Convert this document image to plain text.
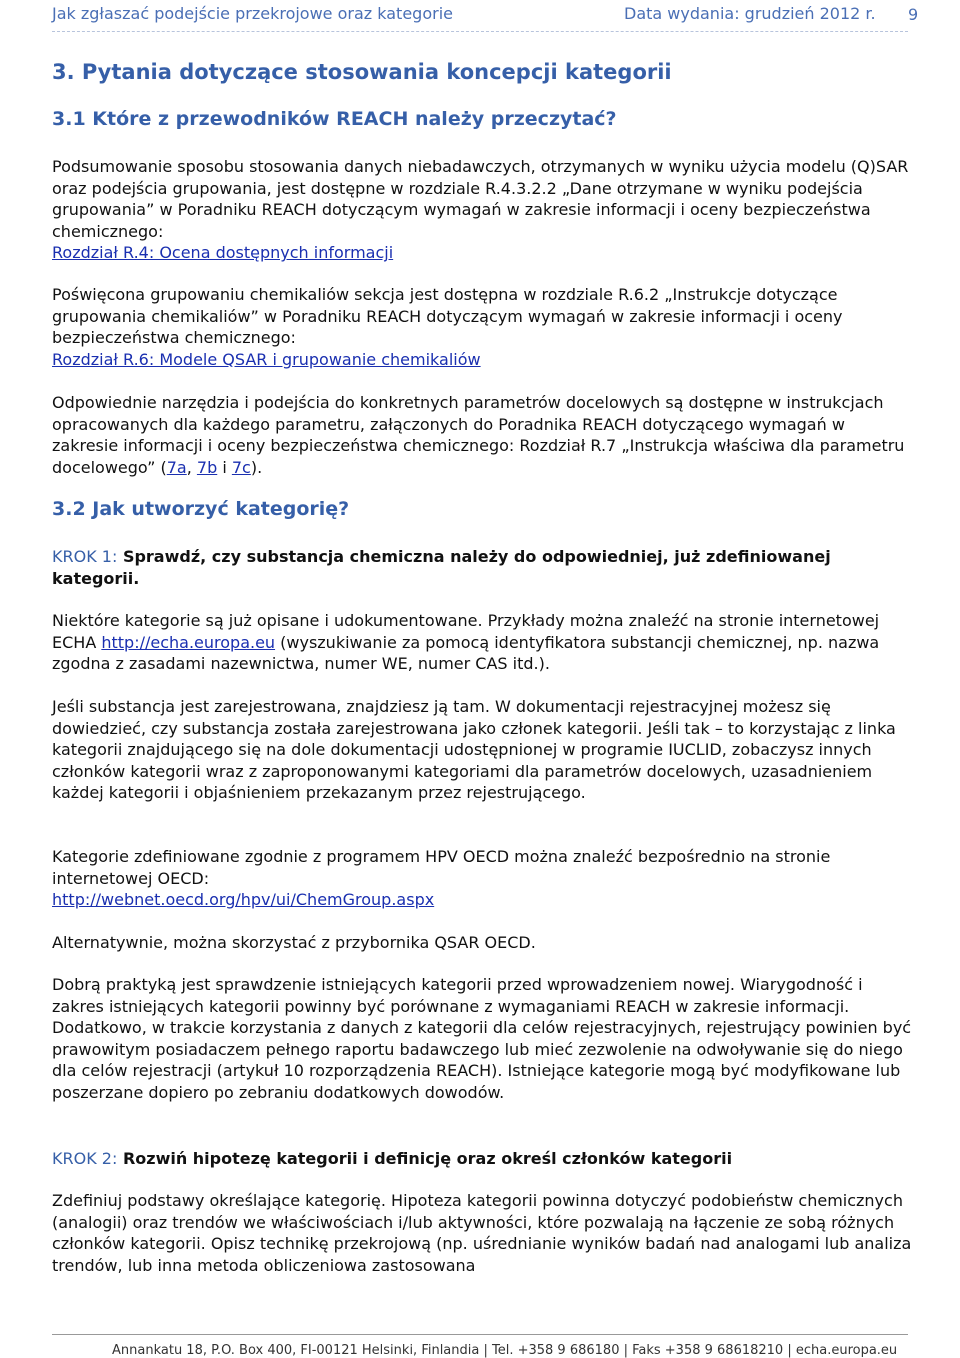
Jak zgłaszać podejście przekrojowe oraz kategorie	Data wydania: grudzień 2012 r. 9
3. Pytania dotyczące stosowania koncepcji kategorii
3.1 Które z przewodników REACH należy przeczytać?
Podsumowanie sposobu stosowania danych niebadawczych, otrzymanych w wyniku użycia modelu (Q)SAR oraz podejścia grupowania, jest dostępne w rozdziale R.4.3.2.2 „Dane otrzymane w wyniku podejścia grupowania” w Poradniku REACH dotyczącym wymagań w zakresie informacji i oceny bezpieczeństwa chemicznego:
Rozdział R.4: Ocena dostępnych informacji
Poświęcona grupowaniu chemikaliów sekcja jest dostępna w rozdziale R.6.2 „Instrukcje dotyczące grupowania chemikaliów” w Poradniku REACH dotyczącym wymagań w zakresie informacji i oceny bezpieczeństwa chemicznego:
Rozdział R.6: Modele QSAR i grupowanie chemikaliów
Odpowiednie narzędzia i podejścia do konkretnych parametrów docelowych są dostępne w instrukcjach opracowanych dla każdego parametru, załączonych do Poradnika REACH dotyczącego wymagań w zakresie informacji i oceny bezpieczeństwa chemicznego: Rozdział R.7 „Instrukcja właściwa dla parametru docelowego” (7a, 7b i 7c).
3.2 Jak utworzyć kategorię?
KROK 1: Sprawdź, czy substancja chemiczna należy do odpowiedniej, już zdefiniowanej kategorii.
Niektóre kategorie są już opisane i udokumentowane. Przykłady można znaleźć na stronie internetowej ECHA http://echa.europa.eu (wyszukiwanie za pomocą identyfikatora substancji chemicznej, np. nazwa zgodna z zasadami nazewnictwa, numer WE, numer CAS itd.).
Jeśli substancja jest zarejestrowana, znajdziesz ją tam. W dokumentacji rejestracyjnej możesz się dowiedzieć, czy substancja została zarejestrowana jako członek kategorii. Jeśli tak – to korzystając z linka kategorii znajdującego się na dole dokumentacji udostępnionej w programie IUCLID, zobaczysz innych członków kategorii wraz z zaproponowanymi kategoriami dla parametrów docelowych, uzasadnieniem każdej kategorii i objaśnieniem przekazanym przez rejestrującego.
Kategorie zdefiniowane zgodnie z programem HPV OECD można znaleźć bezpośrednio na stronie internetowej OECD:
http://webnet.oecd.org/hpv/ui/ChemGroup.aspx
Alternatywnie, można skorzystać z przybornika QSAR OECD.
Dobrą praktyką jest sprawdzenie istniejących kategorii przed wprowadzeniem nowej. Wiarygodność i zakres istniejących kategorii powinny być porównane z wymaganiami REACH w zakresie informacji. Dodatkowo, w trakcie korzystania z danych z kategorii dla celów rejestracyjnych, rejestrujący powinien być prawowitym posiadaczem pełnego raportu badawczego lub mieć zezwolenie na odwoływanie się do niego dla celów rejestracji (artykuł 10 rozporządzenia REACH). Istniejące kategorie mogą być modyfikowane lub poszerzane dopiero po zebraniu dodatkowych dowodów.
KROK 2: Rozwiń hipotezę kategorii i definicję oraz określ członków kategorii
Zdefiniuj podstawy określające kategorię. Hipoteza kategorii powinna dotyczyć podobieństw chemicznych (analogii) oraz trendów we właściwościach i/lub aktywności, które pozwalają na łączenie ze sobą różnych członków kategorii. Opisz technikę przekrojową (np. uśrednianie wyników badań nad analogami lub analiza trendów, lub inna metoda obliczeniowa zastosowana
Annankatu 18, P.O. Box 400, FI-00121 Helsinki, Finlandia | Tel. +358 9 686180 | Faks +358 9 68618210 | echa.europa.eu
